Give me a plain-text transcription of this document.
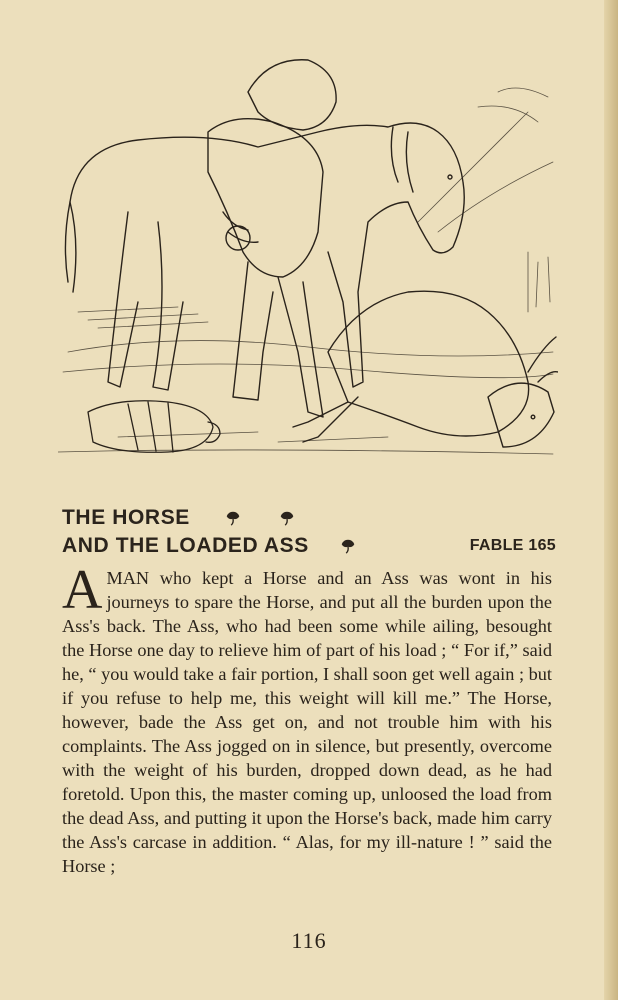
THE HORSE
AND THE LOADED ASS	FABLE 165

A MAN who kept a Horse and an Ass was wont in his journeys to spare the Horse, and put all the burden upon the Ass's back. The Ass, who had been some while ailing, besought the Horse one day to relieve him of part of his load ; “ For if,” said he, “ you would take a fair portion, I shall soon get well again ; but if you refuse to help me, this weight will kill me.” The Horse, however, bade the Ass get on, and not trouble him with his complaints. The Ass jogged on in silence, but presently, overcome with the weight of his burden, dropped down dead, as he had foretold. Upon this, the master coming up, unloosed the load from the dead Ass, and putting it upon the Horse's back, made him carry the Ass's carcase in addition. “ Alas, for my ill-nature ! ” said the Horse ;

116
